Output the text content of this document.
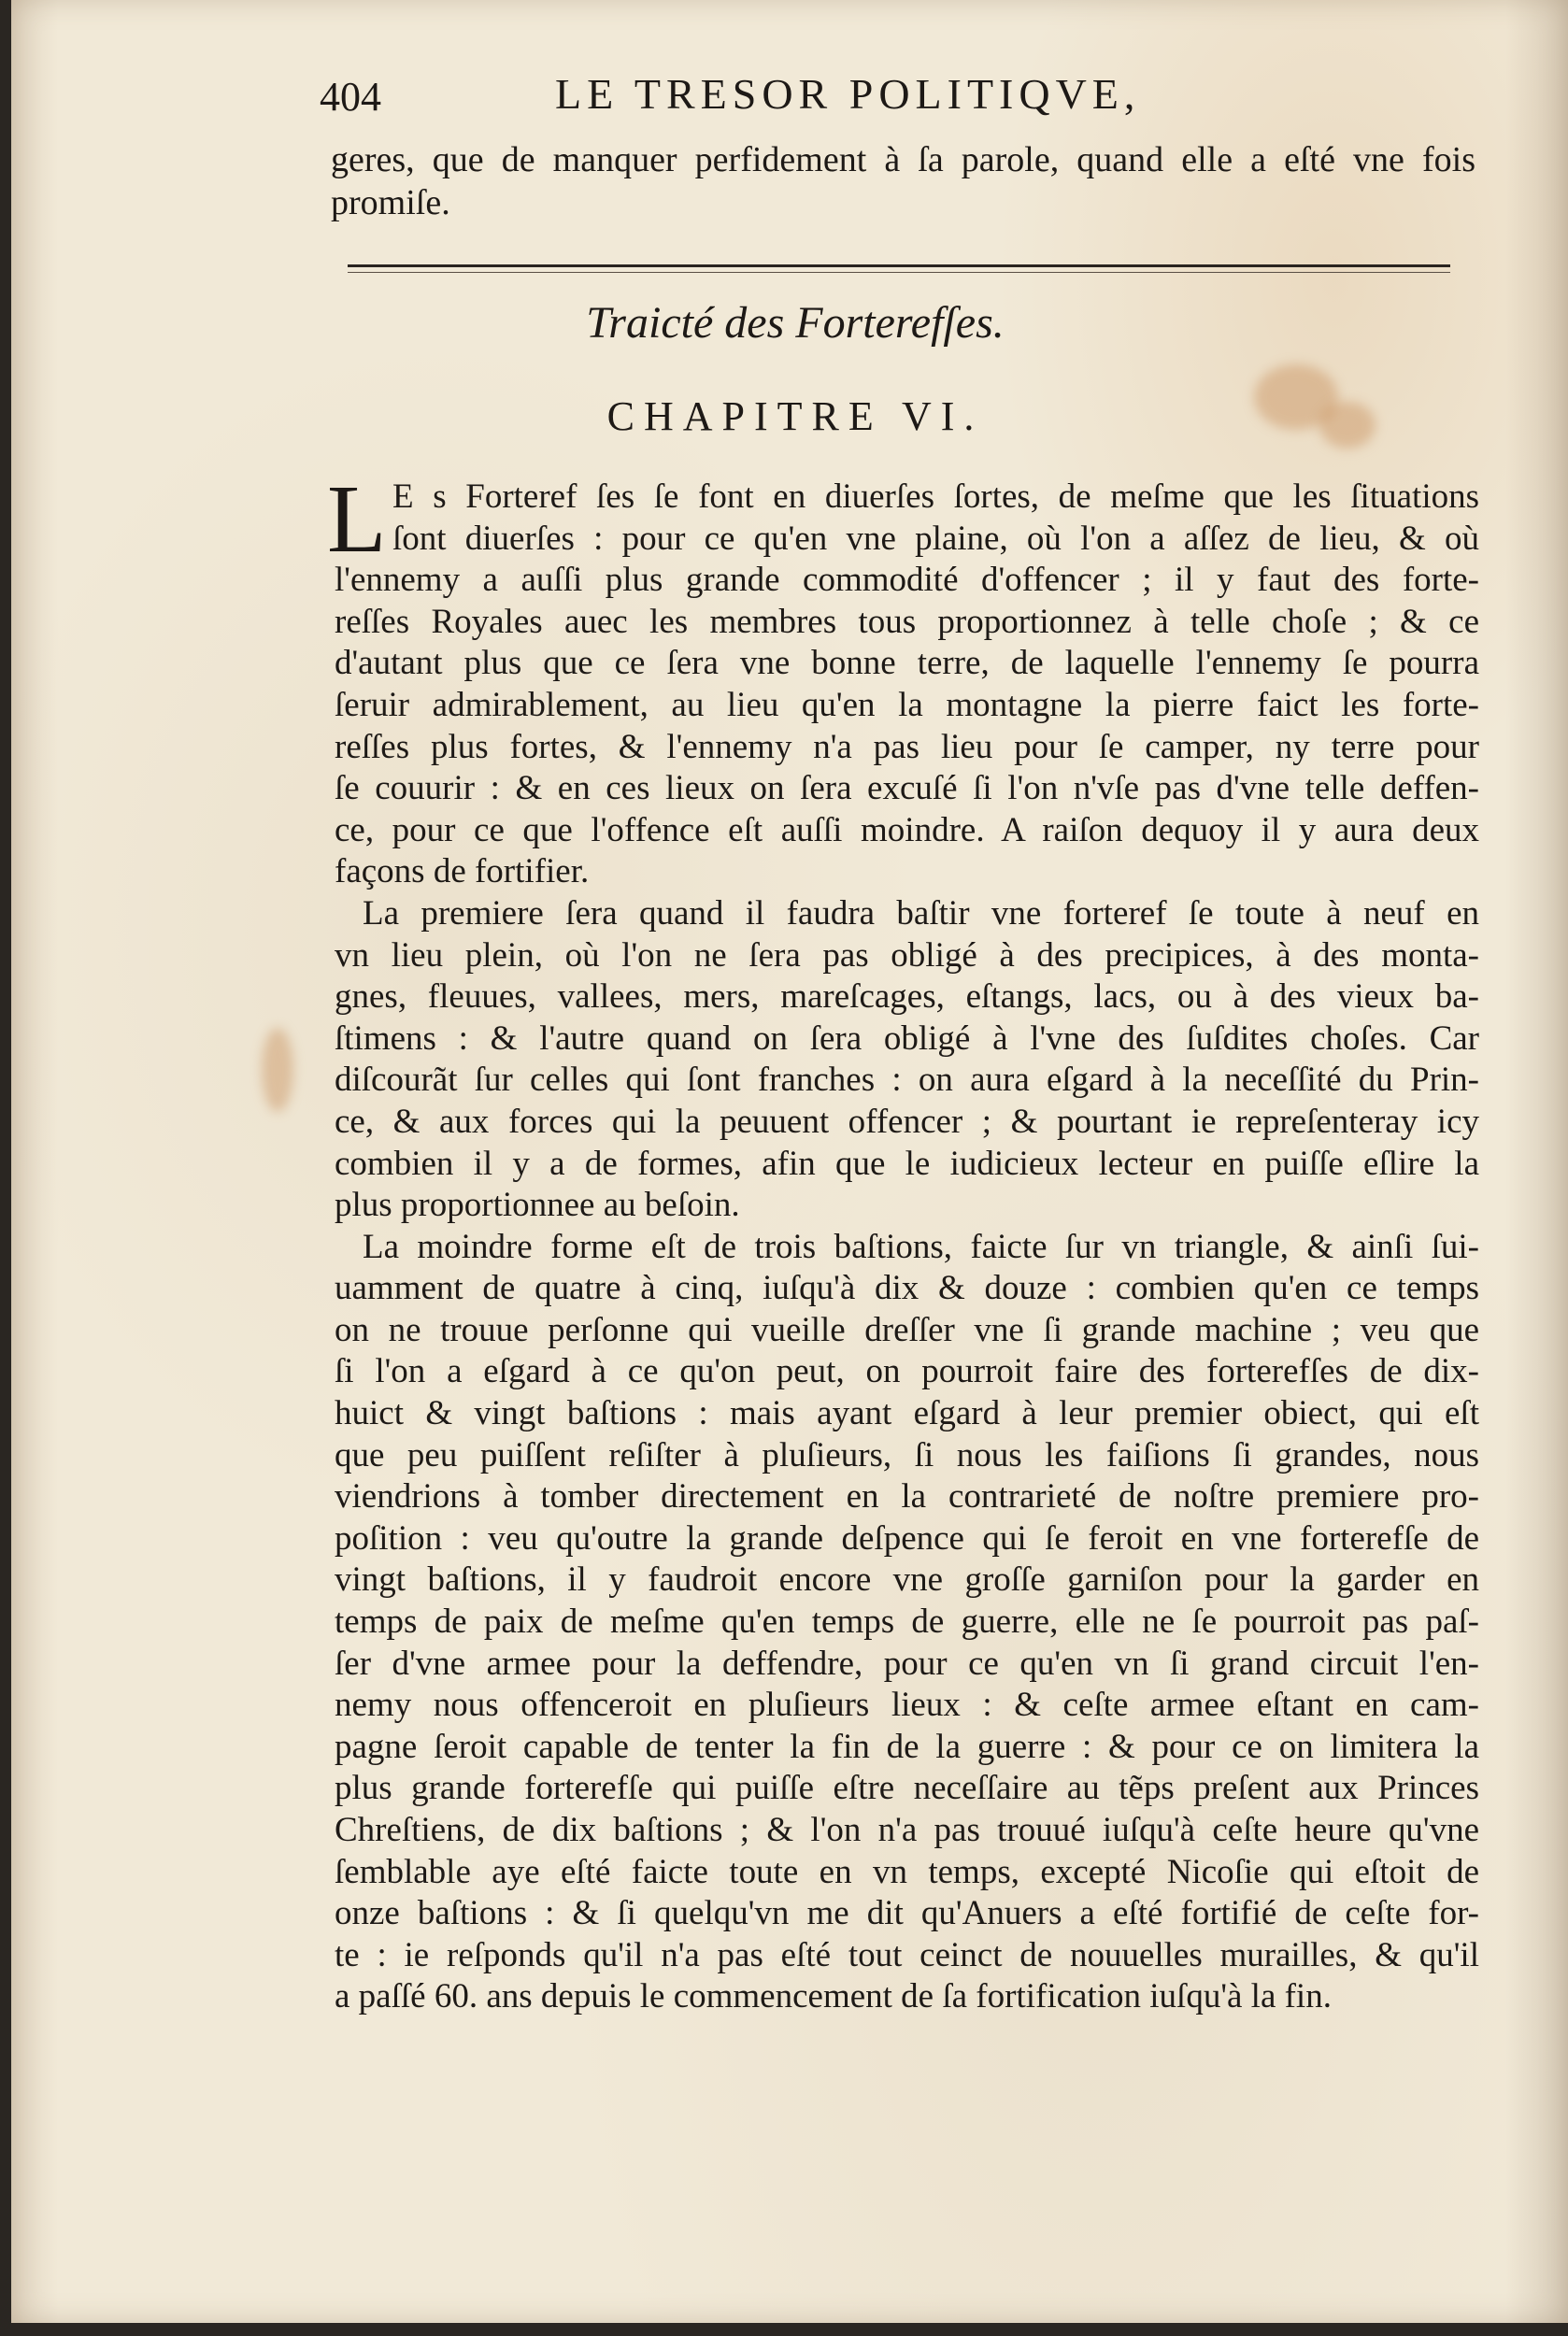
404	LE TRESOR POLITIQVE,
geres, que de manquer perfidement à ſa parole, quand elle a eſté vne fois
promiſe.
Traicté des Forterefſes.
CHAPITRE VI.
L E s Forteref ſes ſe font en diuerſes ſortes, de meſme que les ſituations
ſont diuerſes : pour ce qu'en vne plaine, où l'on a aſſez de lieu, & où
l'ennemy a auſſi plus grande commodité d'offencer ; il y faut des forte-
reſſes Royales auec les membres tous proportionnez à telle choſe ; & ce
d'autant plus que ce ſera vne bonne terre, de laquelle l'ennemy ſe pourra
ſeruir admirablement, au lieu qu'en la montagne la pierre faict les forte-
reſſes plus fortes, & l'ennemy n'a pas lieu pour ſe camper, ny terre pour
ſe couurir : & en ces lieux on ſera excuſé ſi l'on n'vſe pas d'vne telle deffen-
ce, pour ce que l'offence eſt auſſi moindre. A raiſon dequoy il y aura deux
façons de fortifier.
La premiere ſera quand il faudra baſtir vne forteref ſe toute à neuf en
vn lieu plein, où l'on ne ſera pas obligé à des precipices, à des monta-
gnes, fleuues, vallees, mers, mareſcages, eſtangs, lacs, ou à des vieux ba-
ſtimens : & l'autre quand on ſera obligé à l'vne des ſuſdites choſes. Car
diſcourãt ſur celles qui ſont franches : on aura eſgard à la neceſſité du Prin-
ce, & aux forces qui la peuuent offencer ; & pourtant ie repreſenteray icy
combien il y a de formes, afin que le iudicieux lecteur en puiſſe eſlire la
plus proportionnee au beſoin.
La moindre forme eſt de trois baſtions, faicte ſur vn triangle, & ainſi ſui-
uamment de quatre à cinq, iuſqu'à dix & douze : combien qu'en ce temps
on ne trouue perſonne qui vueille dreſſer vne ſi grande machine ; veu que
ſi l'on a eſgard à ce qu'on peut, on pourroit faire des forterefſes de dix-
huict & vingt baſtions : mais ayant eſgard à leur premier obiect, qui eſt
que peu puiſſent reſiſter à pluſieurs, ſi nous les faiſions ſi grandes, nous
viendrions à tomber directement en la contrarieté de noſtre premiere pro-
poſition : veu qu'outre la grande deſpence qui ſe feroit en vne forterefſe de
vingt baſtions, il y faudroit encore vne groſſe garniſon pour la garder en
temps de paix de meſme qu'en temps de guerre, elle ne ſe pourroit pas paſ-
ſer d'vne armee pour la deffendre, pour ce qu'en vn ſi grand circuit l'en-
nemy nous offenceroit en pluſieurs lieux : & ceſte armee eſtant en cam-
pagne ſeroit capable de tenter la fin de la guerre : & pour ce on limitera la
plus grande forterefſe qui puiſſe eſtre neceſſaire au tẽps preſent aux Princes
Chreſtiens, de dix baſtions ; & l'on n'a pas trouué iuſqu'à ceſte heure qu'vne
ſemblable aye eſté faicte toute en vn temps, excepté Nicoſie qui eſtoit de
onze baſtions : & ſi quelqu'vn me dit qu'Anuers a eſté fortifié de ceſte for-
te : ie reſponds qu'il n'a pas eſté tout ceinct de nouuelles murailles, & qu'il
a paſſé 60. ans depuis le commencement de ſa fortification iuſqu'à la fin.
